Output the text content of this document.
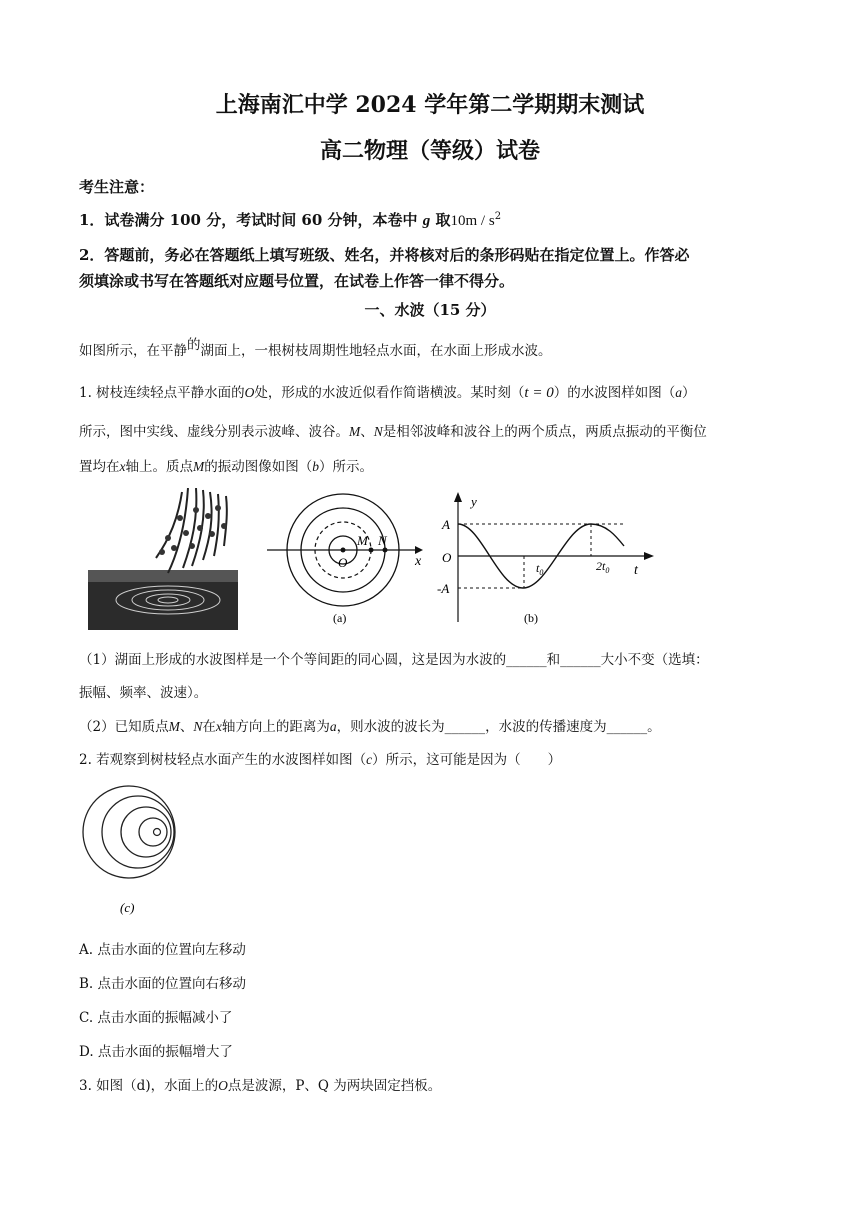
上海南汇中学 2024 学年第二学期期末测试
高二物理（等级）试卷
考生注意：
1．试卷满分 100 分，考试时间 60 分钟，本卷中 g 取$10m / s^2$
2．答题前，务必在答题纸上填写班级、姓名，并将核对后的条形码贴在指定位置上。作答必
须填涂或书写在答题纸对应题号位置，在试卷上作答一律不得分。
一、水波（15 分）
如图所示，在平静的湖面上，一根树枝周期性地轻点水面，在水面上形成水波。
1. 树枝连续轻点平静水面的O处，形成的水波近似看作简谐横波。某时刻（t = 0）的水波图样如图（a）
所示，图中实线、虚线分别表示波峰、波谷。M、N是相邻波峰和波谷上的两个质点，两质点振动的平衡位
置均在x轴上。质点M的振动图像如图（b）所示。
O
M N
x
(a)
y
A
O
-A
$t_0$	$2t_0$ t
(b)
（1）湖面上形成的水波图样是一个个等间距的同心圆，这是因为水波的______和______大小不变（选填：
振幅、频率、波速）。
（2）已知质点M、N在x轴方向上的距离为a，则水波的波长为______，水波的传播速度为______。
2. 若观察到树枝轻点水面产生的水波图样如图（c）所示，这可能是因为（　　）
(c)
A. 点击水面的位置向左移动
B. 点击水面的位置向右移动
C. 点击水面的振幅减小了
D. 点击水面的振幅增大了
3. 如图（d)，水面上的O点是波源，P、Q 为两块固定挡板。
